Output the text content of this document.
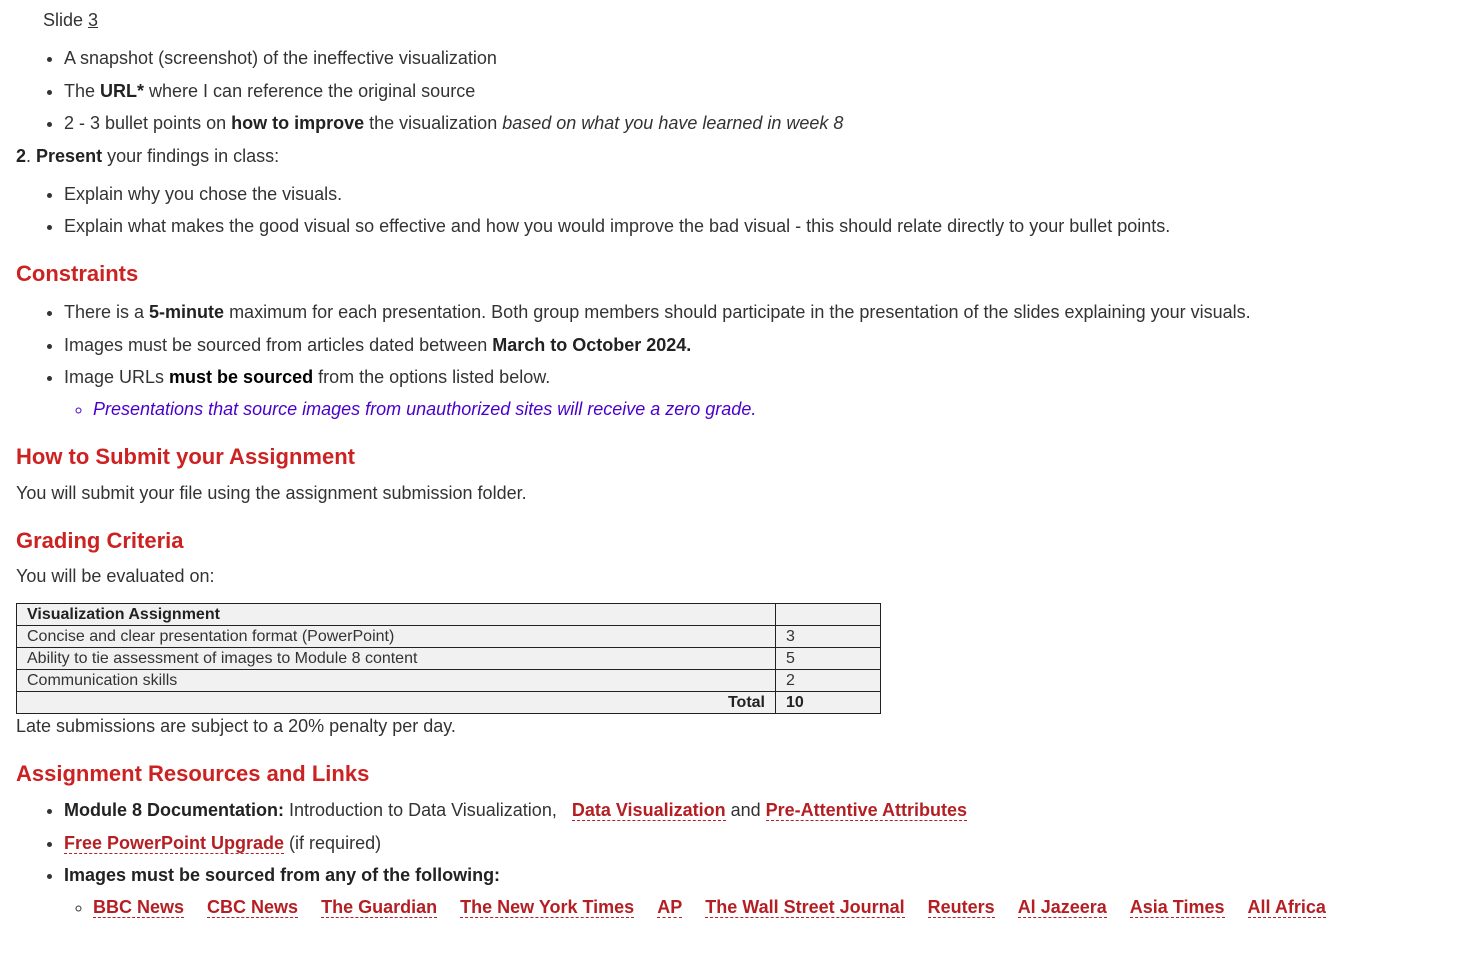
Slide 3
• A snapshot (screenshot) of the ineffective visualization
• The URL* where I can reference the original source
• 2 - 3 bullet points on how to improve the visualization based on what you have learned in week 8

2. Present your findings in class:

• Explain why you chose the visuals.
• Explain what makes the good visual so effective and how you would improve the bad visual - this should relate directly to your bullet points.
Constraints
• There is a 5-minute maximum for each presentation. Both group members should participate in the presentation of the slides explaining your visuals.
• Images must be sourced from articles dated between March to October 2024.
• Image URLs must be sourced from the options listed below.
◦ Presentations that source images from unauthorized sites will receive a zero grade.
How to Submit your Assignment

You will submit your file using the assignment submission folder.

Grading Criteria

You will be evaluated on:

Visualization Assignment	
Concise and clear presentation format (PowerPoint)	3
Ability to tie assessment of images to Module 8 content	5
Communication skills	2
Total	10

Late submissions are subject to a 20% penalty per day.

Assignment Resources and Links
• Module 8 Documentation: Introduction to Data Visualization,   Data Visualization and Pre-Attentive Attributes
• Free PowerPoint Upgrade (if required)
• Images must be sourced from any of the following:
◦ BBC News CBC News The Guardian The New York Times AP The Wall Street Journal Reuters Al Jazeera Asia Times All Africa
